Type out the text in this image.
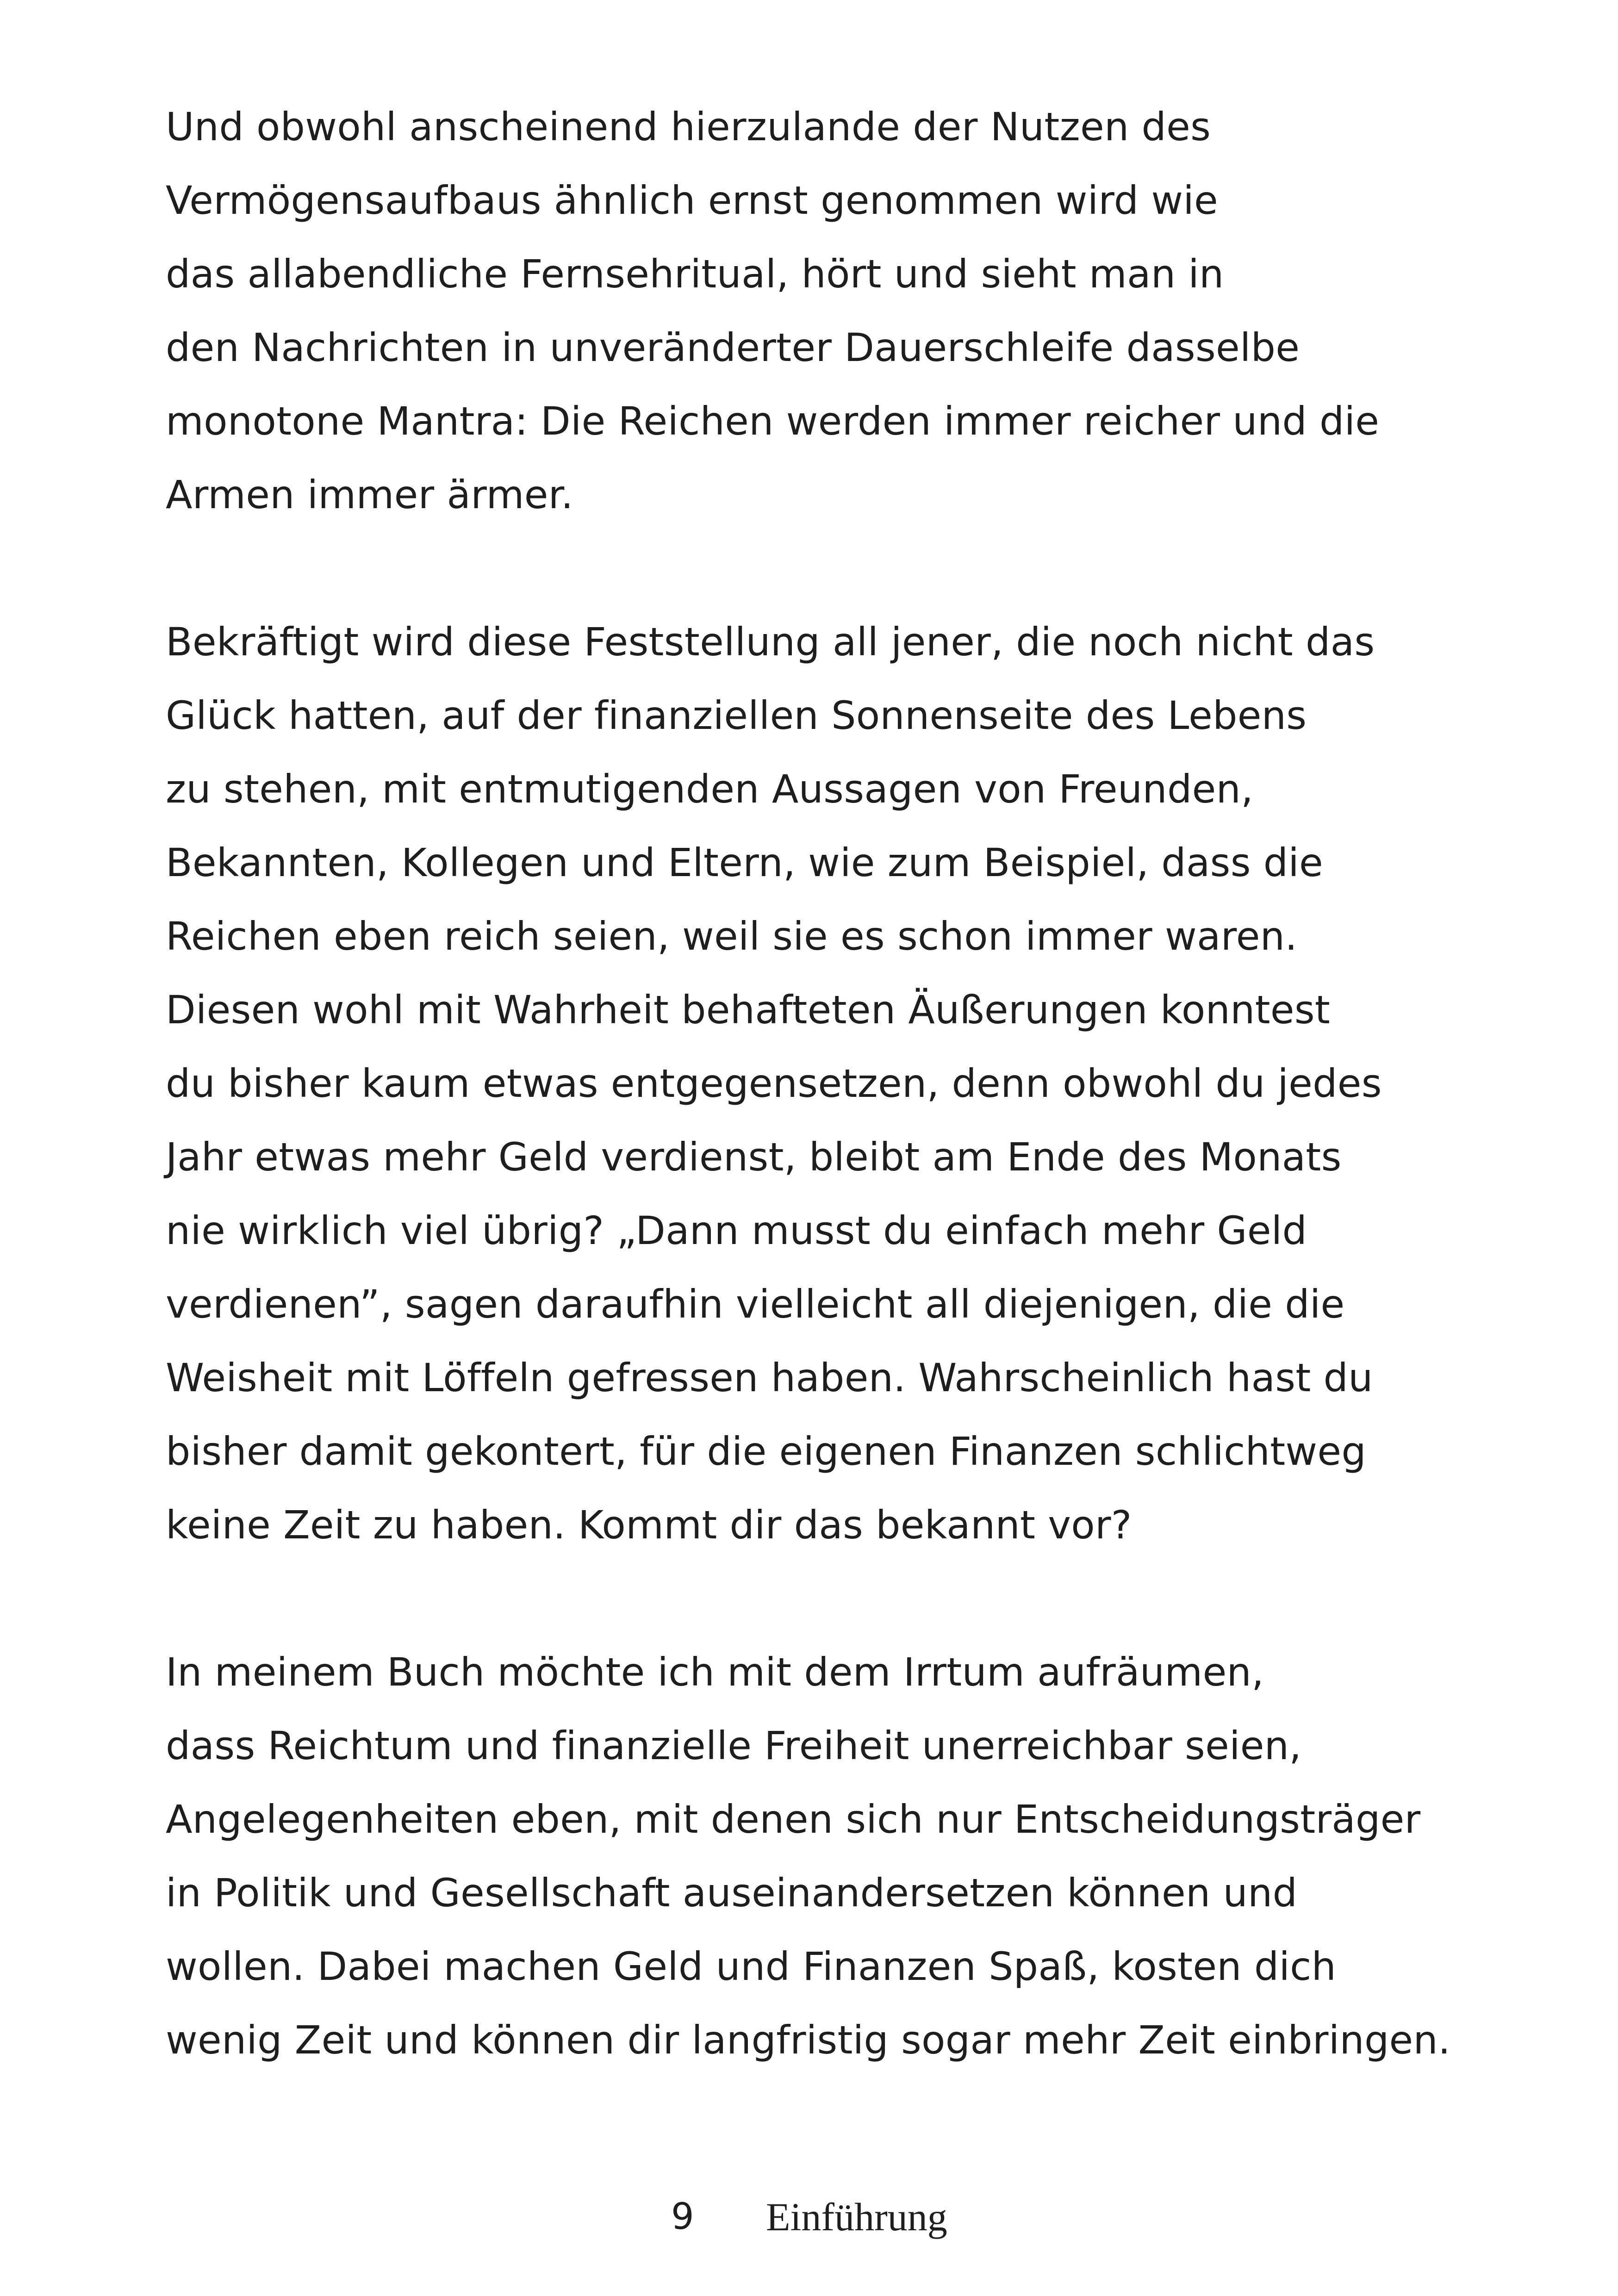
Und obwohl anscheinend hierzulande der Nutzen des
Vermögensaufbaus ähnlich ernst genommen wird wie
das allabendliche Fernsehritual, hört und sieht man in
den Nachrichten in unveränderter Dauerschleife dasselbe
monotone Mantra: Die Reichen werden immer reicher und die
Armen immer ärmer.
Bekräftigt wird diese Feststellung all jener, die noch nicht das
Glück hatten, auf der finanziellen Sonnenseite des Lebens
zu stehen, mit entmutigenden Aussagen von Freunden,
Bekannten, Kollegen und Eltern, wie zum Beispiel, dass die
Reichen eben reich seien, weil sie es schon immer waren.
Diesen wohl mit Wahrheit behafteten Äußerungen konntest
du bisher kaum etwas entgegensetzen, denn obwohl du jedes
Jahr etwas mehr Geld verdienst, bleibt am Ende des Monats
nie wirklich viel übrig? „Dann musst du einfach mehr Geld
verdienen”, sagen daraufhin vielleicht all diejenigen, die die
Weisheit mit Löffeln gefressen haben. Wahrscheinlich hast du
bisher damit gekontert, für die eigenen Finanzen schlichtweg
keine Zeit zu haben. Kommt dir das bekannt vor?
In meinem Buch möchte ich mit dem Irrtum aufräumen,
dass Reichtum und finanzielle Freiheit unerreichbar seien,
Angelegenheiten eben, mit denen sich nur Entscheidungsträger
in Politik und Gesellschaft auseinandersetzen können und
wollen. Dabei machen Geld und Finanzen Spaß, kosten dich
wenig Zeit und können dir langfristig sogar mehr Zeit einbringen.
9 Einführung
